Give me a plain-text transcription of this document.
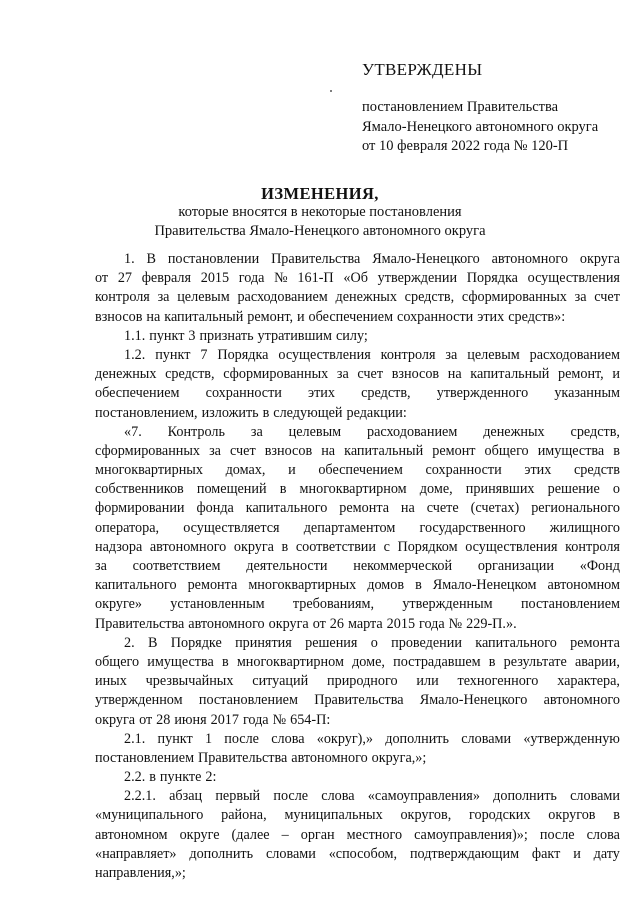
УТВЕРЖДЕНЫ
постановлением Правительства
Ямало-Ненецкого автономного округа
от 10 февраля 2022 года № 120-П
ИЗМЕНЕНИЯ,
которые вносятся в некоторые постановления
Правительства Ямало-Ненецкого автономного округа
1. В постановлении Правительства Ямало-Ненецкого автономного округа
от 27 февраля 2015 года № 161-П «Об утверждении Порядка осуществления
контроля за целевым расходованием денежных средств, сформированных за счет
взносов на капитальный ремонт, и обеспечением сохранности этих средств»:
1.1. пункт 3 признать утратившим силу;
1.2. пункт 7 Порядка осуществления контроля за целевым расходованием
денежных средств, сформированных за счет взносов на капитальный ремонт, и
обеспечением сохранности этих средств, утвержденного указанным
постановлением, изложить в следующей редакции:
«7. Контроль за целевым расходованием денежных средств,
сформированных за счет взносов на капитальный ремонт общего имущества в
многоквартирных домах, и обеспечением сохранности этих средств
собственников помещений в многоквартирном доме, принявших решение о
формировании фонда капитального ремонта на счете (счетах) регионального
оператора, осуществляется департаментом государственного жилищного
надзора автономного округа в соответствии с Порядком осуществления контроля
за соответствием деятельности некоммерческой организации «Фонд
капитального ремонта многоквартирных домов в Ямало-Ненецком автономном
округе» установленным требованиям, утвержденным постановлением
Правительства автономного округа от 26 марта 2015 года № 229-П.».
2. В Порядке принятия решения о проведении капитального ремонта
общего имущества в многоквартирном доме, пострадавшем в результате аварии,
иных чрезвычайных ситуаций природного или техногенного характера,
утвержденном постановлением Правительства Ямало-Ненецкого автономного
округа от 28 июня 2017 года № 654-П:
2.1. пункт 1 после слова «округ),» дополнить словами «утвержденную
постановлением Правительства автономного округа,»;
2.2. в пункте 2:
2.2.1. абзац первый после слова «самоуправления» дополнить словами
«муниципального района, муниципальных округов, городских округов в
автономном округе (далее – орган местного самоуправления)»; после слова
«направляет» дополнить словами «способом, подтверждающим факт и дату
направления,»;
